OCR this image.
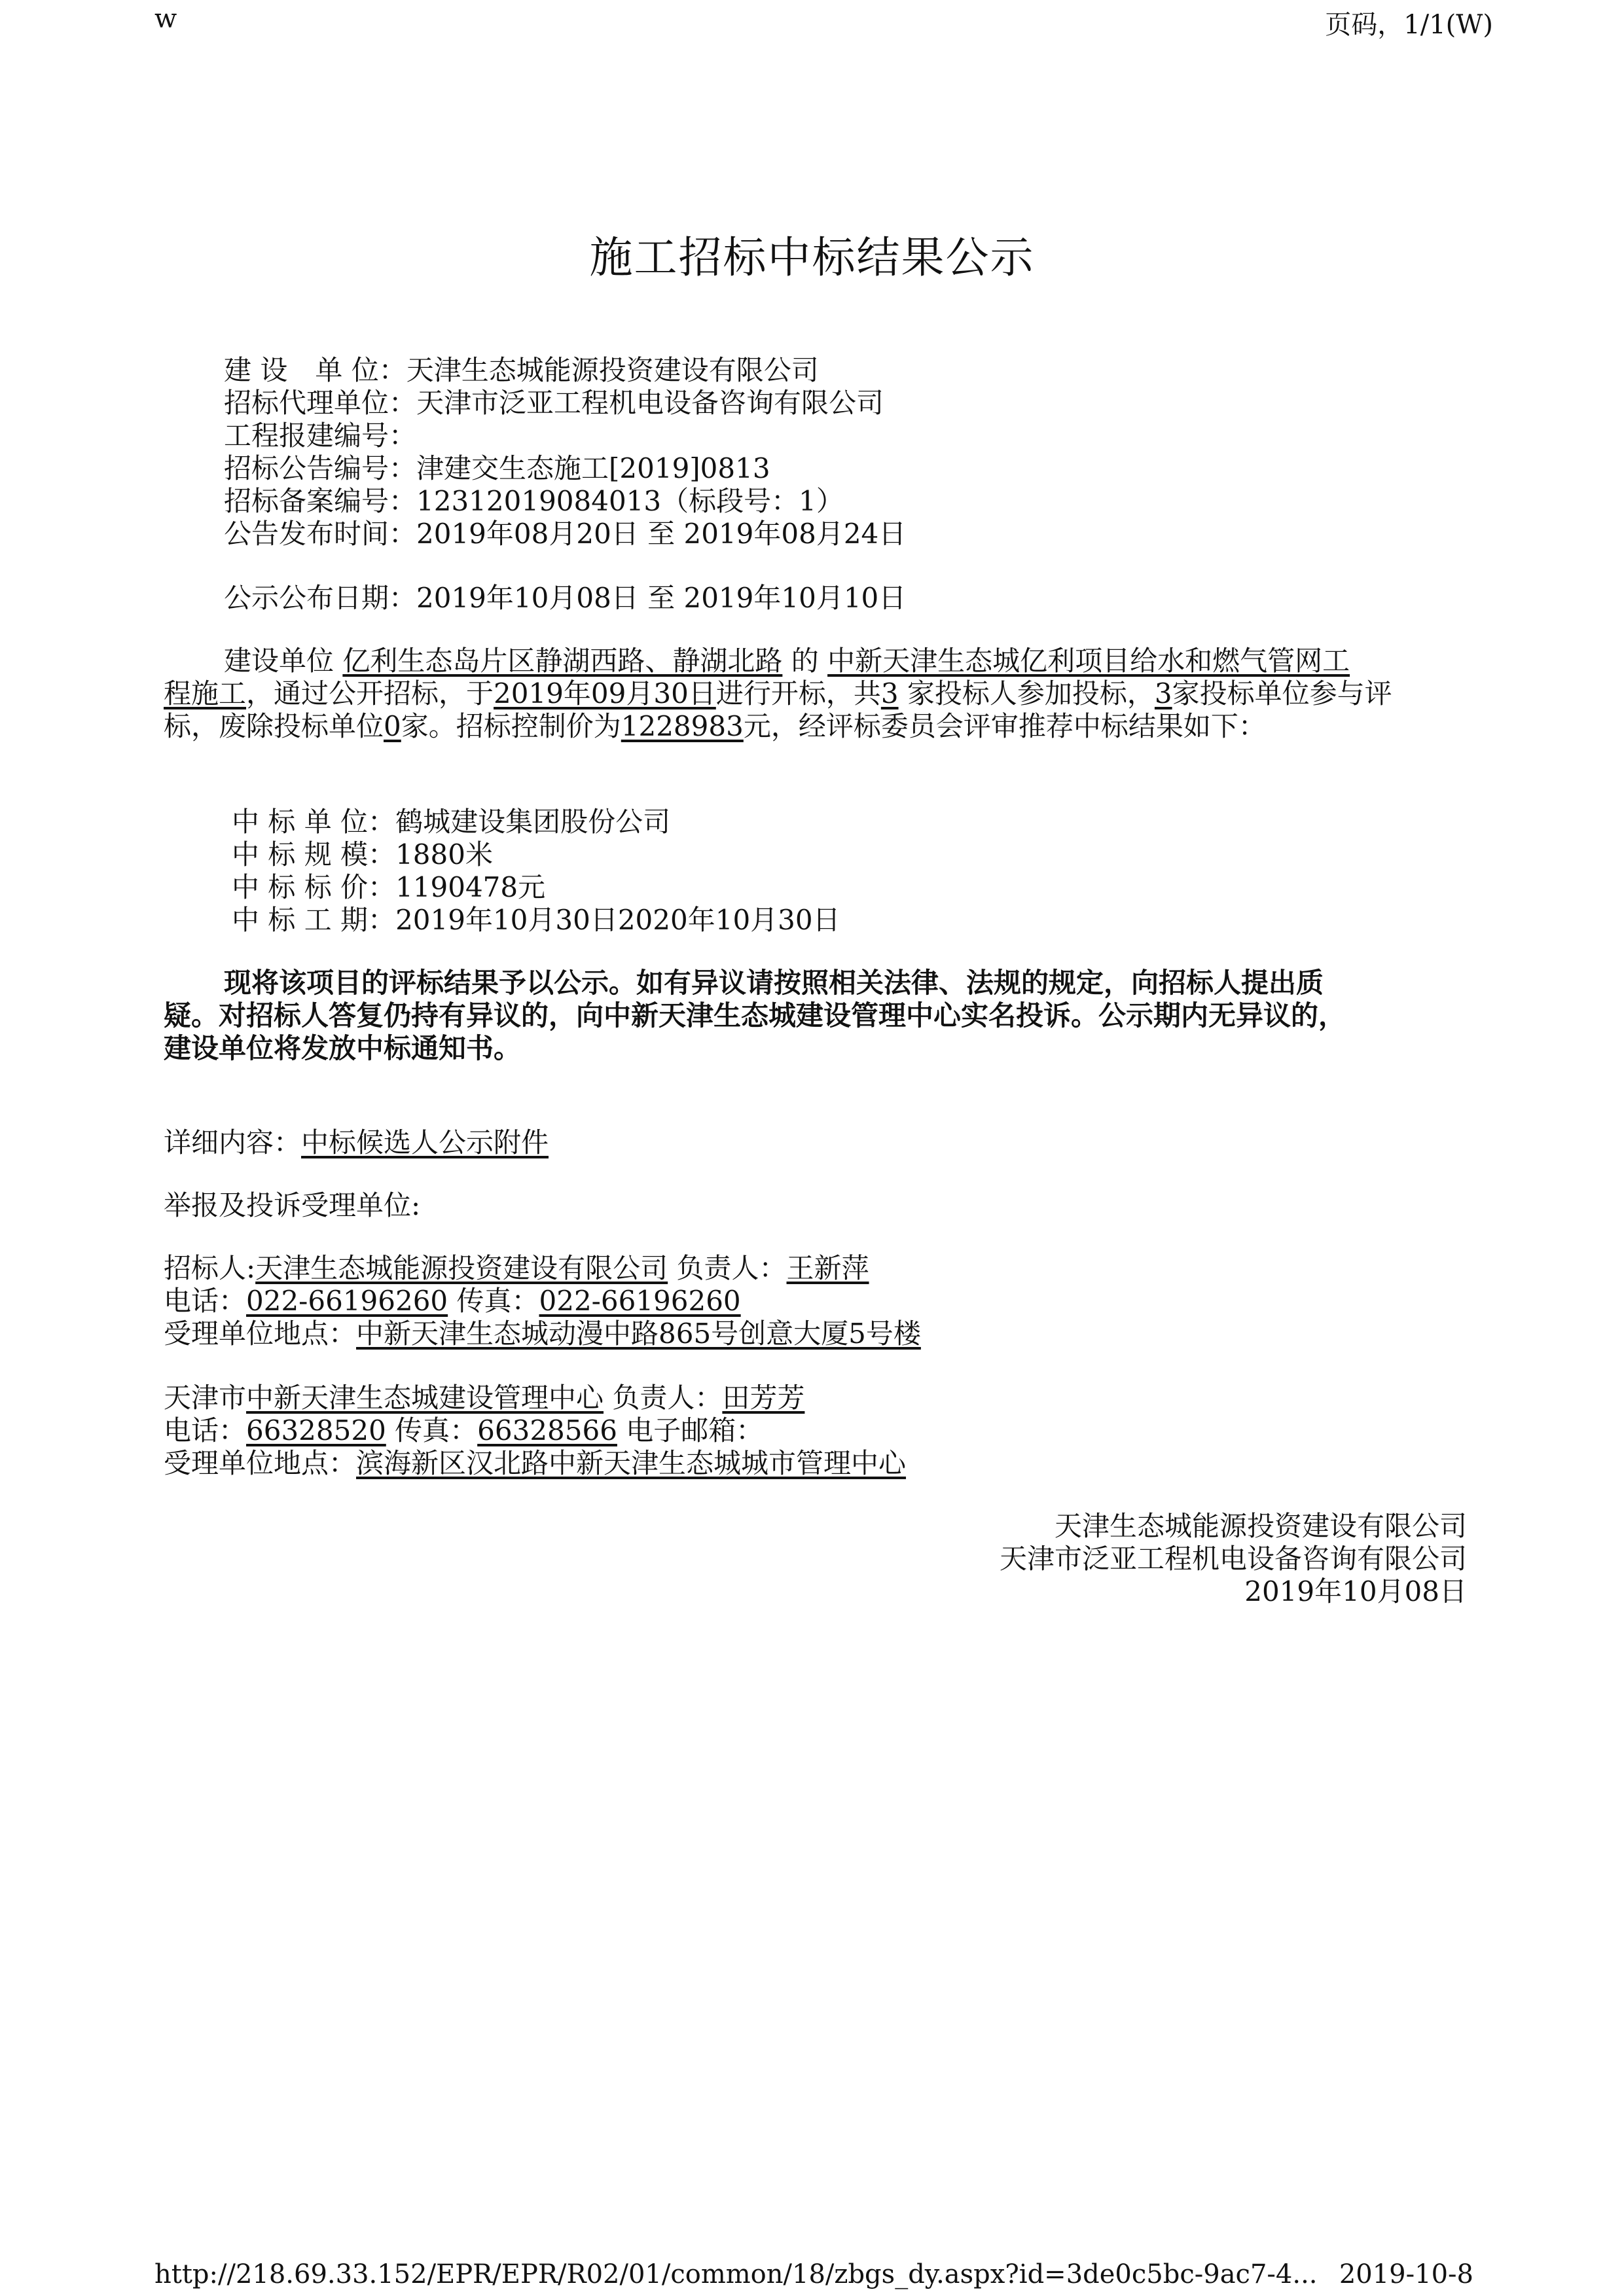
w	页码，1/1(W)
施工招标中标结果公示
建 设　单 位：天津生态城能源投资建设有限公司
招标代理单位：天津市泛亚工程机电设备咨询有限公司
工程报建编号：
招标公告编号：津建交生态施工[2019]0813
招标备案编号：12312019084013（标段号：1）
公告发布时间：2019年08月20日 至 2019年08月24日
公示公布日期：2019年10月08日 至 2019年10月10日
建设单位 亿利生态岛片区静湖西路、静湖北路 的 中新天津生态城亿利项目给水和燃气管网工
程施工，通过公开招标，于2019年09月30日进行开标，共3 家投标人参加投标，3家投标单位参与评
标，废除投标单位0家。招标控制价为1228983元，经评标委员会评审推荐中标结果如下：
中 标 单 位：鹤城建设集团股份公司
中 标 规 模：1880米
中 标 标 价：1190478元
中 标 工 期：2019年10月30日2020年10月30日
现将该项目的评标结果予以公示。如有异议请按照相关法律、法规的规定，向招标人提出质
疑。对招标人答复仍持有异议的，向中新天津生态城建设管理中心实名投诉。公示期内无异议的，
建设单位将发放中标通知书。
详细内容：中标候选人公示附件
举报及投诉受理单位:
招标人:天津生态城能源投资建设有限公司 负责人：王新萍
电话：022-66196260 传真：022-66196260
受理单位地点：中新天津生态城动漫中路865号创意大厦5号楼
天津市中新天津生态城建设管理中心 负责人：田芳芳
电话：66328520 传真：66328566 电子邮箱：
受理单位地点：滨海新区汉北路中新天津生态城城市管理中心
天津生态城能源投资建设有限公司
天津市泛亚工程机电设备咨询有限公司
2019年10月08日
http://218.69.33.152/EPR/EPR/R02/01/common/18/zbgs_dy.aspx?id=3de0c5bc-9ac7-4... 2019-10-8
